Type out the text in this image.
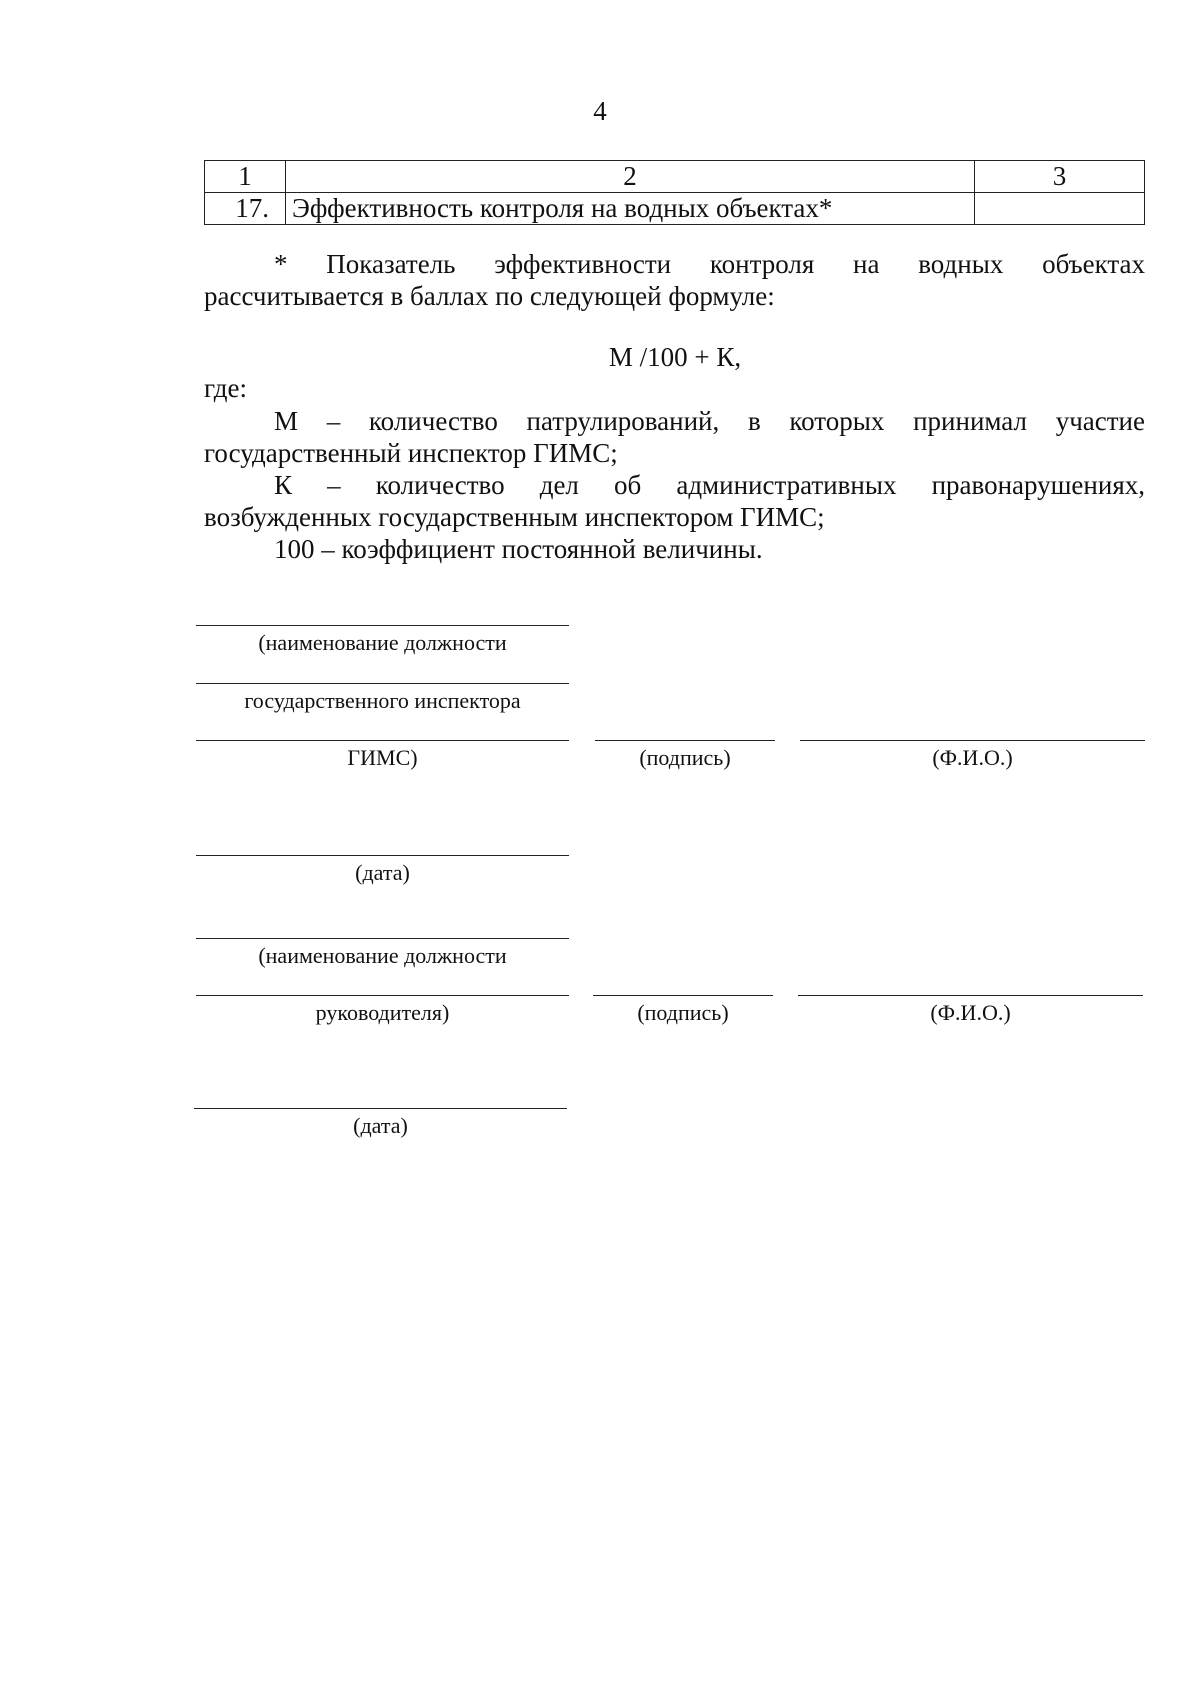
4
1	2	3
17.	Эффективность контроля на водных объектах*	
* Показатель эффективности контроля на водных объектах
рассчитывается в баллах по следующей формуле:
М /100 + К,
где:
М – количество патрулирований, в которых принимал участие
государственный инспектор ГИМС;
К – количество дел об административных правонарушениях,
возбужденных государственным инспектором ГИМС;
100 – коэффициент постоянной величины.
(наименование должности
государственного инспектора
ГИМС)	(подпись)	(Ф.И.О.)
(дата)
(наименование должности
руководителя)	(подпись)	(Ф.И.О.)
(дата)
